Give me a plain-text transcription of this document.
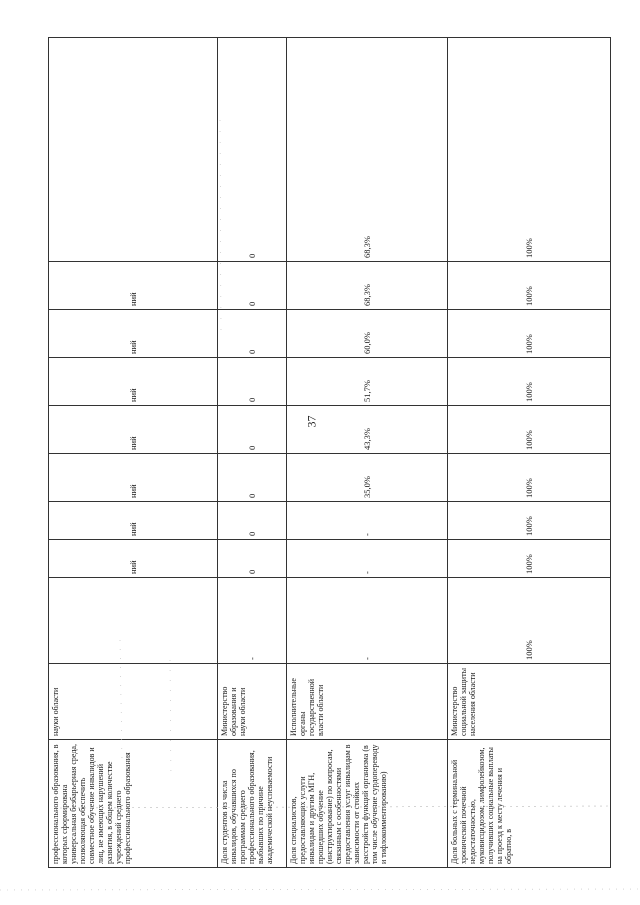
37
профессионального образования, в которых сформирована универсальная безбарьерная среда, позволяющая обеспечить совместное обучение инвалидов и лиц, не имеющих нарушений развития, в общем количестве учреждений среднего профессионального образования	науки области		ний	ний	ний	ний	ний	ний	ний	
Доля студентов из числа инвалидов, обучавшихся по программам среднего профессионального образования, выбывших по причине академической неуспеваемости	Министерство образования и науки области	-	0	0	0	0	0	0	0	0
Доля специалистов, предоставляющих услуги инвалидам и другим МГН, прошедших обучение (инструктирование) по вопросам, связанным с особенностями предоставления услуг инвалидам в зависимости от стойких расстройств функций организма (в том числе обучение сурдопереводу и тифлокомментированию)	Исполнительные органы государственной власти области	-	-	-	35,0%	43,3%	51,7%	60,0%	68,3%	68,3%
Доля больных с терминальной хронической почечной недостаточностью, муковисцидозом, лимфолейкозом, получивших социальные выплаты на проезд к месту лечения и обратно, в	Министерство социальной защиты населения области	100%	100%	100%	100%	100%	100%	100%	100%	100%
